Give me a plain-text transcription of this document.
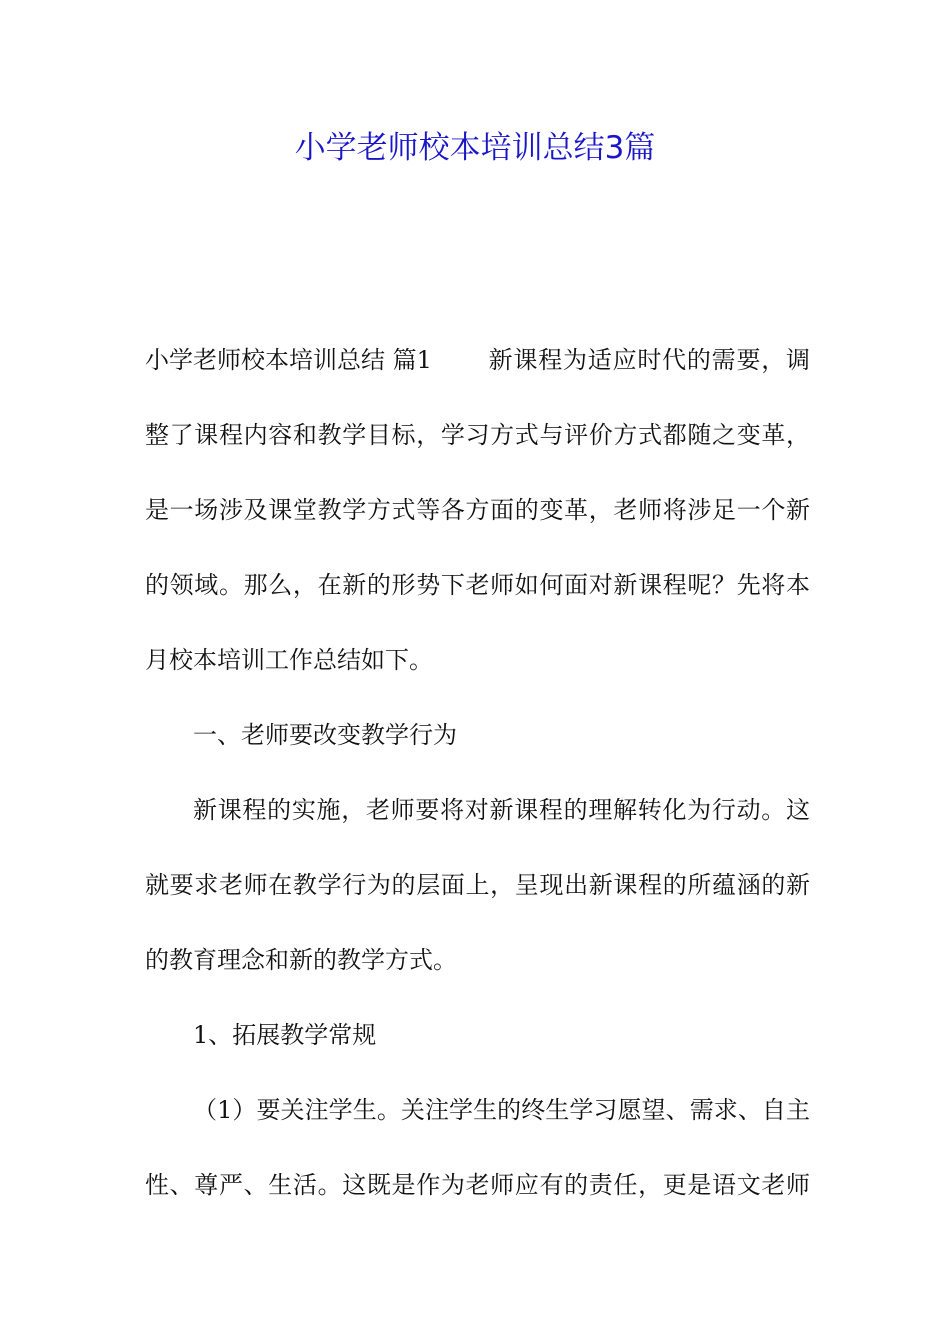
小学老师校本培训总结3篇
小学老师校本培训总结 篇1 新课程为适应时代的需要，调

整了课程内容和教学目标，学习方式与评价方式都随之变革，

是一场涉及课堂教学方式等各方面的变革，老师将涉足一个新

的领域。那么，在新的形势下老师如何面对新课程呢？先将本

月校本培训工作总结如下。

一、老师要改变教学行为

新课程的实施，老师要将对新课程的理解转化为行动。这

就要求老师在教学行为的层面上，呈现出新课程的所蕴涵的新

的教育理念和新的教学方式。

1、拓展教学常规

（1）要关注学生。关注学生的终生学习愿望、需求、自主

性、尊严、生活。这既是作为老师应有的责任，更是语文老师
